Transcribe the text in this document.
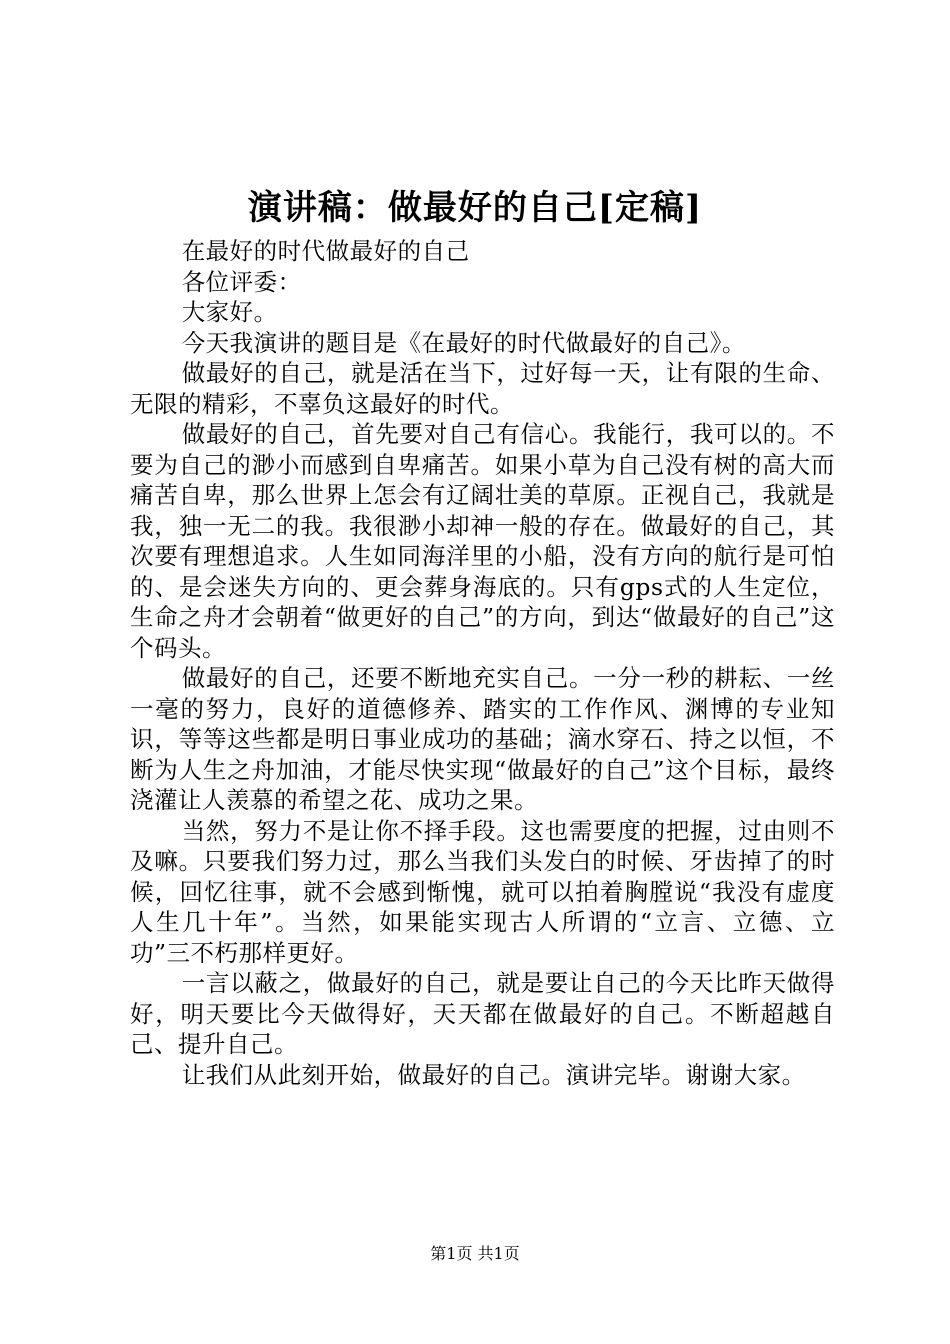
演讲稿：做最好的自己[定稿]

在最好的时代做最好的自己

各位评委：

大家好。

今天我演讲的题目是《在最好的时代做最好的自己》。

做最好的自己，就是活在当下，过好每一天，让有限的生命、无限的精彩，不辜负这最好的时代。

做最好的自己，首先要对自己有信心。我能行，我可以的。不要为自己的渺小而感到自卑痛苦。如果小草为自己没有树的高大而痛苦自卑，那么世界上怎会有辽阔壮美的草原。正视自己，我就是我，独一无二的我。我很渺小却神一般的存在。做最好的自己，其次要有理想追求。人生如同海洋里的小船，没有方向的航行是可怕的、是会迷失方向的、更会葬身海底的。只有gps式的人生定位，生命之舟才会朝着“做更好的自己”的方向，到达“做最好的自己”这个码头。

做最好的自己，还要不断地充实自己。一分一秒的耕耘、一丝一毫的努力，良好的道德修养、踏实的工作作风、渊博的专业知识，等等这些都是明日事业成功的基础；滴水穿石、持之以恒，不断为人生之舟加油，才能尽快实现“做最好的自己”这个目标，最终浇灌让人羡慕的希望之花、成功之果。

当然，努力不是让你不择手段。这也需要度的把握，过由则不及嘛。只要我们努力过，那么当我们头发白的时候、牙齿掉了的时候，回忆往事，就不会感到惭愧，就可以拍着胸膛说“我没有虚度人生几十年”。当然，如果能实现古人所谓的“立言、立德、立功”三不朽那样更好。

一言以蔽之，做最好的自己，就是要让自己的今天比昨天做得好，明天要比今天做得好，天天都在做最好的自己。不断超越自己、提升自己。

让我们从此刻开始，做最好的自己。演讲完毕。谢谢大家。

第1页 共1页
